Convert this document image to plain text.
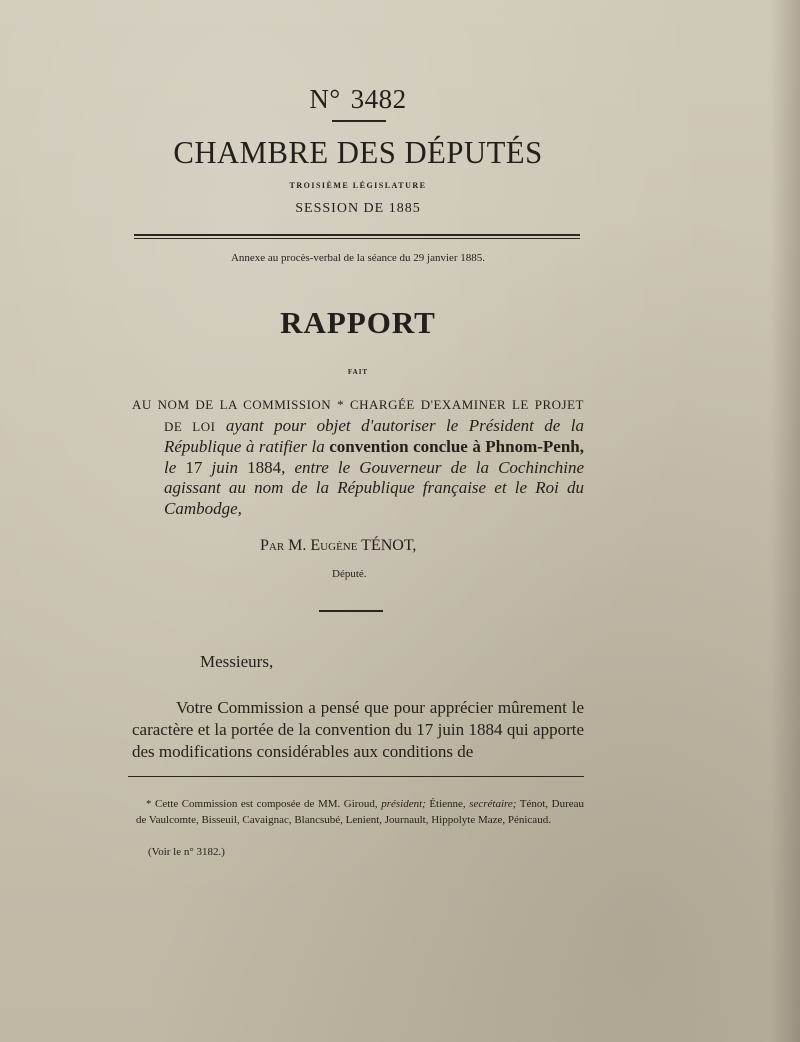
N° 3482
CHAMBRE DES DÉPUTÉS
TROISIÈME LÉGISLATURE
SESSION DE 1885
Annexe au procès-verbal de la séance du 29 janvier 1885.
RAPPORT
FAIT
AU NOM DE LA COMMISSION * CHARGÉE D'EXAMINER LE PROJET
DE LOI ayant pour objet d'autoriser le Président de la République à ratifier la convention conclue à Phnom-Penh, le 17 juin 1884, entre le Gouverneur de la Cochinchine agissant au nom de la République française et le Roi du Cambodge,
Par M. Eugène TÉNOT,
Député.
Messieurs,
Votre Commission a pensé que pour apprécier mûrement le caractère et la portée de la convention du 17 juin 1884 qui apporte des modifications considérables aux conditions de
* Cette Commission est composée de MM. Giroud, président; Étienne, secrétaire; Ténot, Dureau de Vaulcomte, Bisseuil, Cavaignac, Blancsubé, Lenient, Journault, Hippolyte Maze, Pénicaud.
(Voir le n° 3182.)
